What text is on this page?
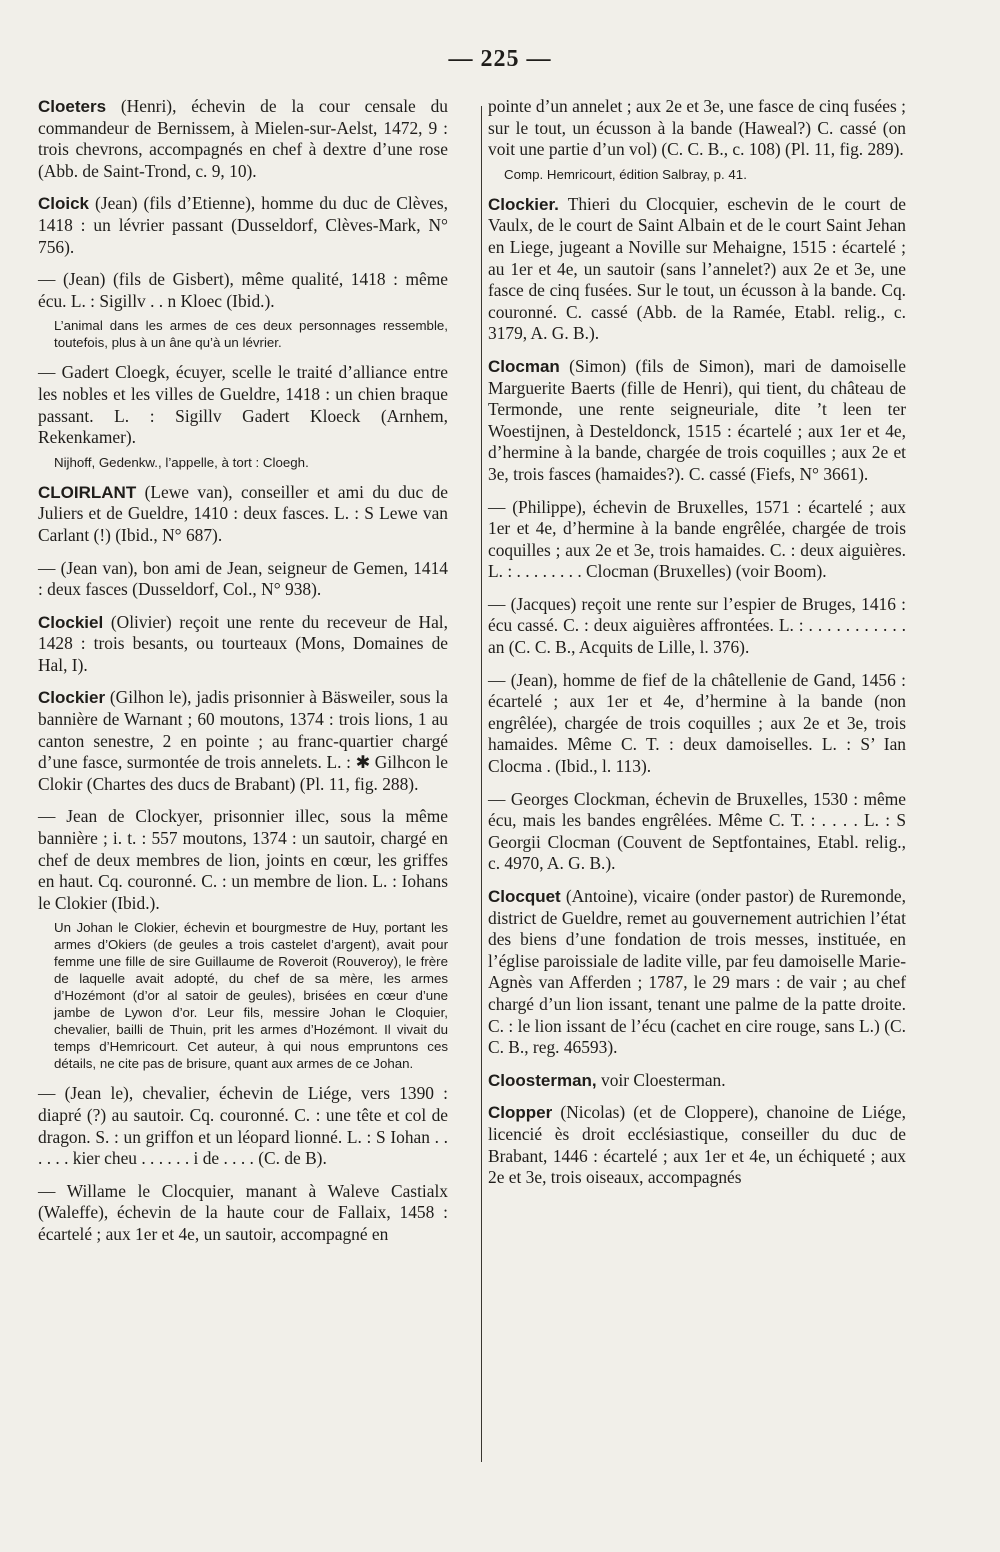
— 225 —
Cloeters (Henri), échevin de la cour censale du commandeur de Bernissem, à Mielen-sur-Aelst, 1472, 9 : trois chevrons, accompagnés en chef à dextre d’une rose (Abb. de Saint-Trond, c. 9, 10).
Cloick (Jean) (fils d’Etienne), homme du duc de Clèves, 1418 : un lévrier passant (Dusseldorf, Clèves-Mark, N° 756).
— (Jean) (fils de Gisbert), même qualité, 1418 : même écu. L. : Sigillv . . n Kloec (Ibid.).
L’animal dans les armes de ces deux personnages ressemble, toutefois, plus à un âne qu’à un lévrier.
— Gadert Cloegk, écuyer, scelle le traité d’alliance entre les nobles et les villes de Gueldre, 1418 : un chien braque passant. L. : Sigillv Gadert Kloeck (Arnhem, Rekenkamer).
Nijhoff, Gedenkw., l’appelle, à tort : Cloegh.
CLOIRLANT (Lewe van), conseiller et ami du duc de Juliers et de Gueldre, 1410 : deux fasces. L. : S Lewe van Carlant (!) (Ibid., N° 687).
— (Jean van), bon ami de Jean, seigneur de Gemen, 1414 : deux fasces (Dusseldorf, Col., N° 938).
Clockiel (Olivier) reçoit une rente du receveur de Hal, 1428 : trois besants, ou tourteaux (Mons, Domaines de Hal, I).
Clockier (Gilhon le), jadis prisonnier à Bäsweiler, sous la bannière de Warnant ; 60 moutons, 1374 : trois lions, 1 au canton senestre, 2 en pointe ; au franc-quartier chargé d’une fasce, surmontée de trois annelets. L. : ✱ Gilhcon le Clokir (Chartes des ducs de Brabant) (Pl. 11, fig. 288).
— Jean de Clockyer, prisonnier illec, sous la même bannière ; i. t. : 557 moutons, 1374 : un sautoir, chargé en chef de deux membres de lion, joints en cœur, les griffes en haut. Cq. couronné. C. : un membre de lion. L. : Iohans le Clokier (Ibid.).
Un Johan le Clokier, échevin et bourgmestre de Huy, portant les armes d’Okiers (de geules a trois castelet d’argent), avait pour femme une fille de sire Guillaume de Roveroit (Rouveroy), le frère de laquelle avait adopté, du chef de sa mère, les armes d’Hozémont (d’or al satoir de geules), brisées en cœur d’une jambe de Lywon d’or. Leur fils, messire Johan le Cloquier, chevalier, bailli de Thuin, prit les armes d’Hozémont. Il vivait du temps d’Hemricourt. Cet auteur, à qui nous empruntons ces détails, ne cite pas de brisure, quant aux armes de ce Johan.
— (Jean le), chevalier, échevin de Liége, vers 1390 : diapré (?) au sautoir. Cq. couronné. C. : une tête et col de dragon. S. : un griffon et un léopard lionné. L. : S Iohan . . . . . . kier cheu . . . . . . i de . . . . (C. de B).
— Willame le Clocquier, manant à Waleve Castialx (Waleffe), échevin de la haute cour de Fallaix, 1458 : écartelé ; aux 1er et 4e, un sautoir, accompagné en
pointe d’un annelet ; aux 2e et 3e, une fasce de cinq fusées ; sur le tout, un écusson à la bande (Haweal?) C. cassé (on voit une partie d’un vol) (C. C. B., c. 108) (Pl. 11, fig. 289).
Comp. Hemricourt, édition Salbray, p. 41.
Clockier. Thieri du Clocquier, eschevin de le court de Vaulx, de le court de Saint Albain et de le court Saint Jehan en Liege, jugeant a Noville sur Mehaigne, 1515 : écartelé ; au 1er et 4e, un sautoir (sans l’annelet?) aux 2e et 3e, une fasce de cinq fusées. Sur le tout, un écusson à la bande. Cq. couronné. C. cassé (Abb. de la Ramée, Etabl. relig., c. 3179, A. G. B.).
Clocman (Simon) (fils de Simon), mari de damoiselle Marguerite Baerts (fille de Henri), qui tient, du château de Termonde, une rente seigneuriale, dite ’t leen ter Woestijnen, à Desteldonck, 1515 : écartelé ; aux 1er et 4e, d’hermine à la bande, chargée de trois coquilles ; aux 2e et 3e, trois fasces (hamaides?). C. cassé (Fiefs, N° 3661).
— (Philippe), échevin de Bruxelles, 1571 : écartelé ; aux 1er et 4e, d’hermine à la bande engrêlée, chargée de trois coquilles ; aux 2e et 3e, trois hamaides. C. : deux aiguières. L. : . . . . . . . . Clocman (Bruxelles) (voir Boom).
— (Jacques) reçoit une rente sur l’espier de Bruges, 1416 : écu cassé. C. : deux aiguières affrontées. L. : . . . . . . . . . . . an (C. C. B., Acquits de Lille, l. 376).
— (Jean), homme de fief de la châtellenie de Gand, 1456 : écartelé ; aux 1er et 4e, d’hermine à la bande (non engrêlée), chargée de trois coquilles ; aux 2e et 3e, trois hamaides. Même C. T. : deux damoiselles. L. : S’ Ian Clocma . (Ibid., l. 113).
— Georges Clockman, échevin de Bruxelles, 1530 : même écu, mais les bandes engrêlées. Même C. T. : . . . . L. : S Georgii Clocman (Couvent de Septfontaines, Etabl. relig., c. 4970, A. G. B.).
Clocquet (Antoine), vicaire (onder pastor) de Ruremonde, district de Gueldre, remet au gouvernement autrichien l’état des biens d’une fondation de trois messes, instituée, en l’église paroissiale de ladite ville, par feu damoiselle Marie-Agnès van Afferden ; 1787, le 29 mars : de vair ; au chef chargé d’un lion issant, tenant une palme de la patte droite. C. : le lion issant de l’écu (cachet en cire rouge, sans L.) (C. C. B., reg. 46593).
Cloosterman, voir Cloesterman.
Clopper (Nicolas) (et de Cloppere), chanoine de Liége, licencié ès droit ecclésiastique, conseiller du duc de Brabant, 1446 : écartelé ; aux 1er et 4e, un échiqueté ; aux 2e et 3e, trois oiseaux, accompagnés
